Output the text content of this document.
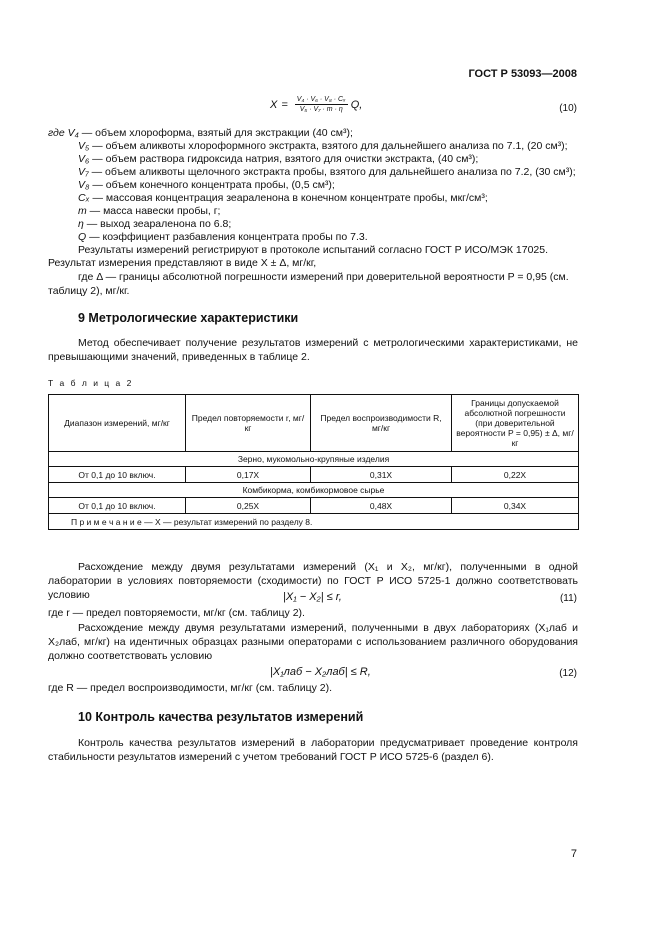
ГОСТ Р 53093—2008
$X = \frac{\text{V₄ · V₆ · V₈ · Cₓ}}{\text{V₅ · V₇ · m · η}} Q$,	(10)
где V₄ — объем хлороформа, взятый для экстракции (40 см³);
V₅ — объем аликвоты хлороформного экстракта, взятого для дальнейшего анализа по 7.1, (20 см³);
V₆ — объем раствора гидроксида натрия, взятого для очистки экстракта, (40 см³);
V₇ — объем аликвоты щелочного экстракта пробы, взятого для дальнейшего анализа по 7.2, (30 см³);
V₈ — объем конечного концентрата пробы, (0,5 см³);
Cₓ — массовая концентрация зеараленона в конечном концентрате пробы, мкг/см³;
m — масса навески пробы, г;
η — выход зеараленона по 6.8;
Q — коэффициент разбавления концентрата пробы по 7.3.
Результаты измерений регистрируют в протоколе испытаний согласно ГОСТ Р ИСО/МЭК 17025.
Результат измерения представляют в виде X ± Δ, мг/кг,
где Δ — границы абсолютной погрешности измерений при доверительной вероятности P = 0,95 (см.
таблицу 2), мг/кг.
9 Метрологические характеристики
Метод обеспечивает получение результатов измерений с метрологическими характеристиками, не превышающими значений, приведенных в таблице 2.
Т а б л и ц а 2
Диапазон измерений, мг/кг	Предел повторяемости r, мг/кг	Предел воспроизводимости R, мг/кг	Границы допускаемой абсолютной погрешности (при доверительной вероятности P = 0,95) ± Δ, мг/кг
Зерно, мукомольно-крупяные изделия			
От 0,1 до 10 включ.	0,17X	0,31X	0,22X
Комбикорма, комбикормовое сырье			
От 0,1 до 10 включ.	0,25X	0,48X	0,34X
П р и м е ч а н и е — X — результат измерений по разделу 8.			
Расхождение между двумя результатами измерений (X₁ и X₂, мг/кг), полученными в одной лаборатории в условиях повторяемости (сходимости) по ГОСТ Р ИСО 5725-1 должно соответствовать условию	|X₁ − X₂| ≤ r,	(11)
где r — предел повторяемости, мг/кг (см. таблицу 2).
Расхождение между двумя результатами измерений, полученными в двух лабораториях (X₁лаб и X₂лаб, мг/кг) на идентичных образцах разными операторами с использованием различного оборудования должно соответствовать условию
|X₁лаб − X₂лаб| ≤ R,	(12)
где R — предел воспроизводимости, мг/кг (см. таблицу 2).
10 Контроль качества результатов измерений
Контроль качества результатов измерений в лаборатории предусматривает проведение контроля стабильности результатов измерений с учетом требований ГОСТ Р ИСО 5725-6 (раздел 6).
7
